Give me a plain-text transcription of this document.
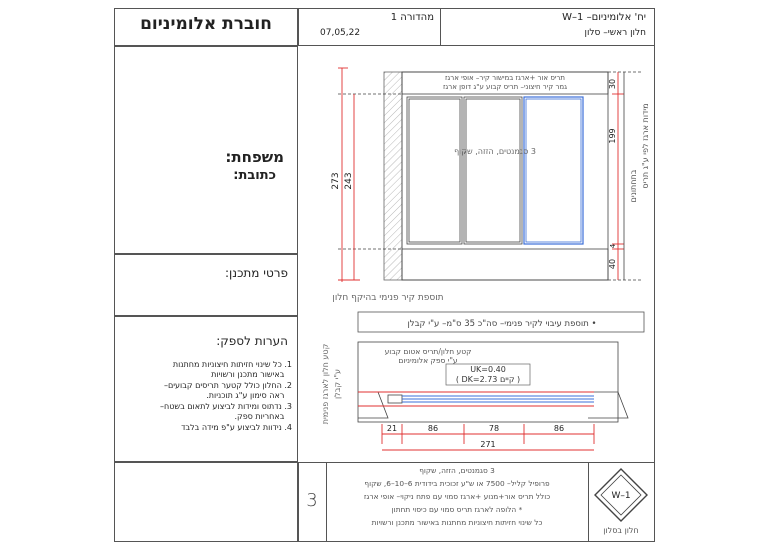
חוברת אלומיניום
משפחת:
כתובת:
פרטי מתכנן:
הערות לספק:
1. כל שינוי חזיתות חיצוניות מחתנות
באישור מתכנן ורשויות
2. החלון כולל קטער תריסים קבועים–
ראה סימון ע"ג תוכניות.
3. נדתוס ומידות לביצוע לתאום בשטח–
באחריות ספק.
4. נידוות לביצוע ע"פ מידה בלבד
יח' אלומיניום– W–1
חלון ראשי– סלון
מהדורה 1
07,05,22
273 243
30
199
4
40
בתחתונים מידות ארגז לפי ע"ג תריס
תריס אור +ארגז במישור קיר– אופי ארגז
גמר קיר חיצוני– תריס קבוע ע"ג דופן ארגז
3 סגמנטים, הזזה, שקוף
תוספת קיר פנימי בהיקף חלון
• תוספת עיבוי לקיר פנימי– סה"כ 35 ס"מ– ע"י קבלן
קטע חלון לארגז פנימית ע"י קבלן
קטע חלון/תריס אטום קבוע
ע"י ספק אלומיניום
UK=0.40
( DK=2.73 קיים )
21	86	78	86
271
3
3 סגמנטים, הזזה, שקוף
פרופיל קליל– 7500 או ש"ע זכוכית בידודית 6–10–6, שקוף
כולל תריס אור+מנוע +ארגז סמוי עם פתח ניקוי– אופי ארגז
* הלופה לארגז תריס סמוי עם כיסוי תחתון
כל שינוי חזיתות חיצוניות מחתנות באישור מתכנן ורשויות
W–1
חלון בסלון
